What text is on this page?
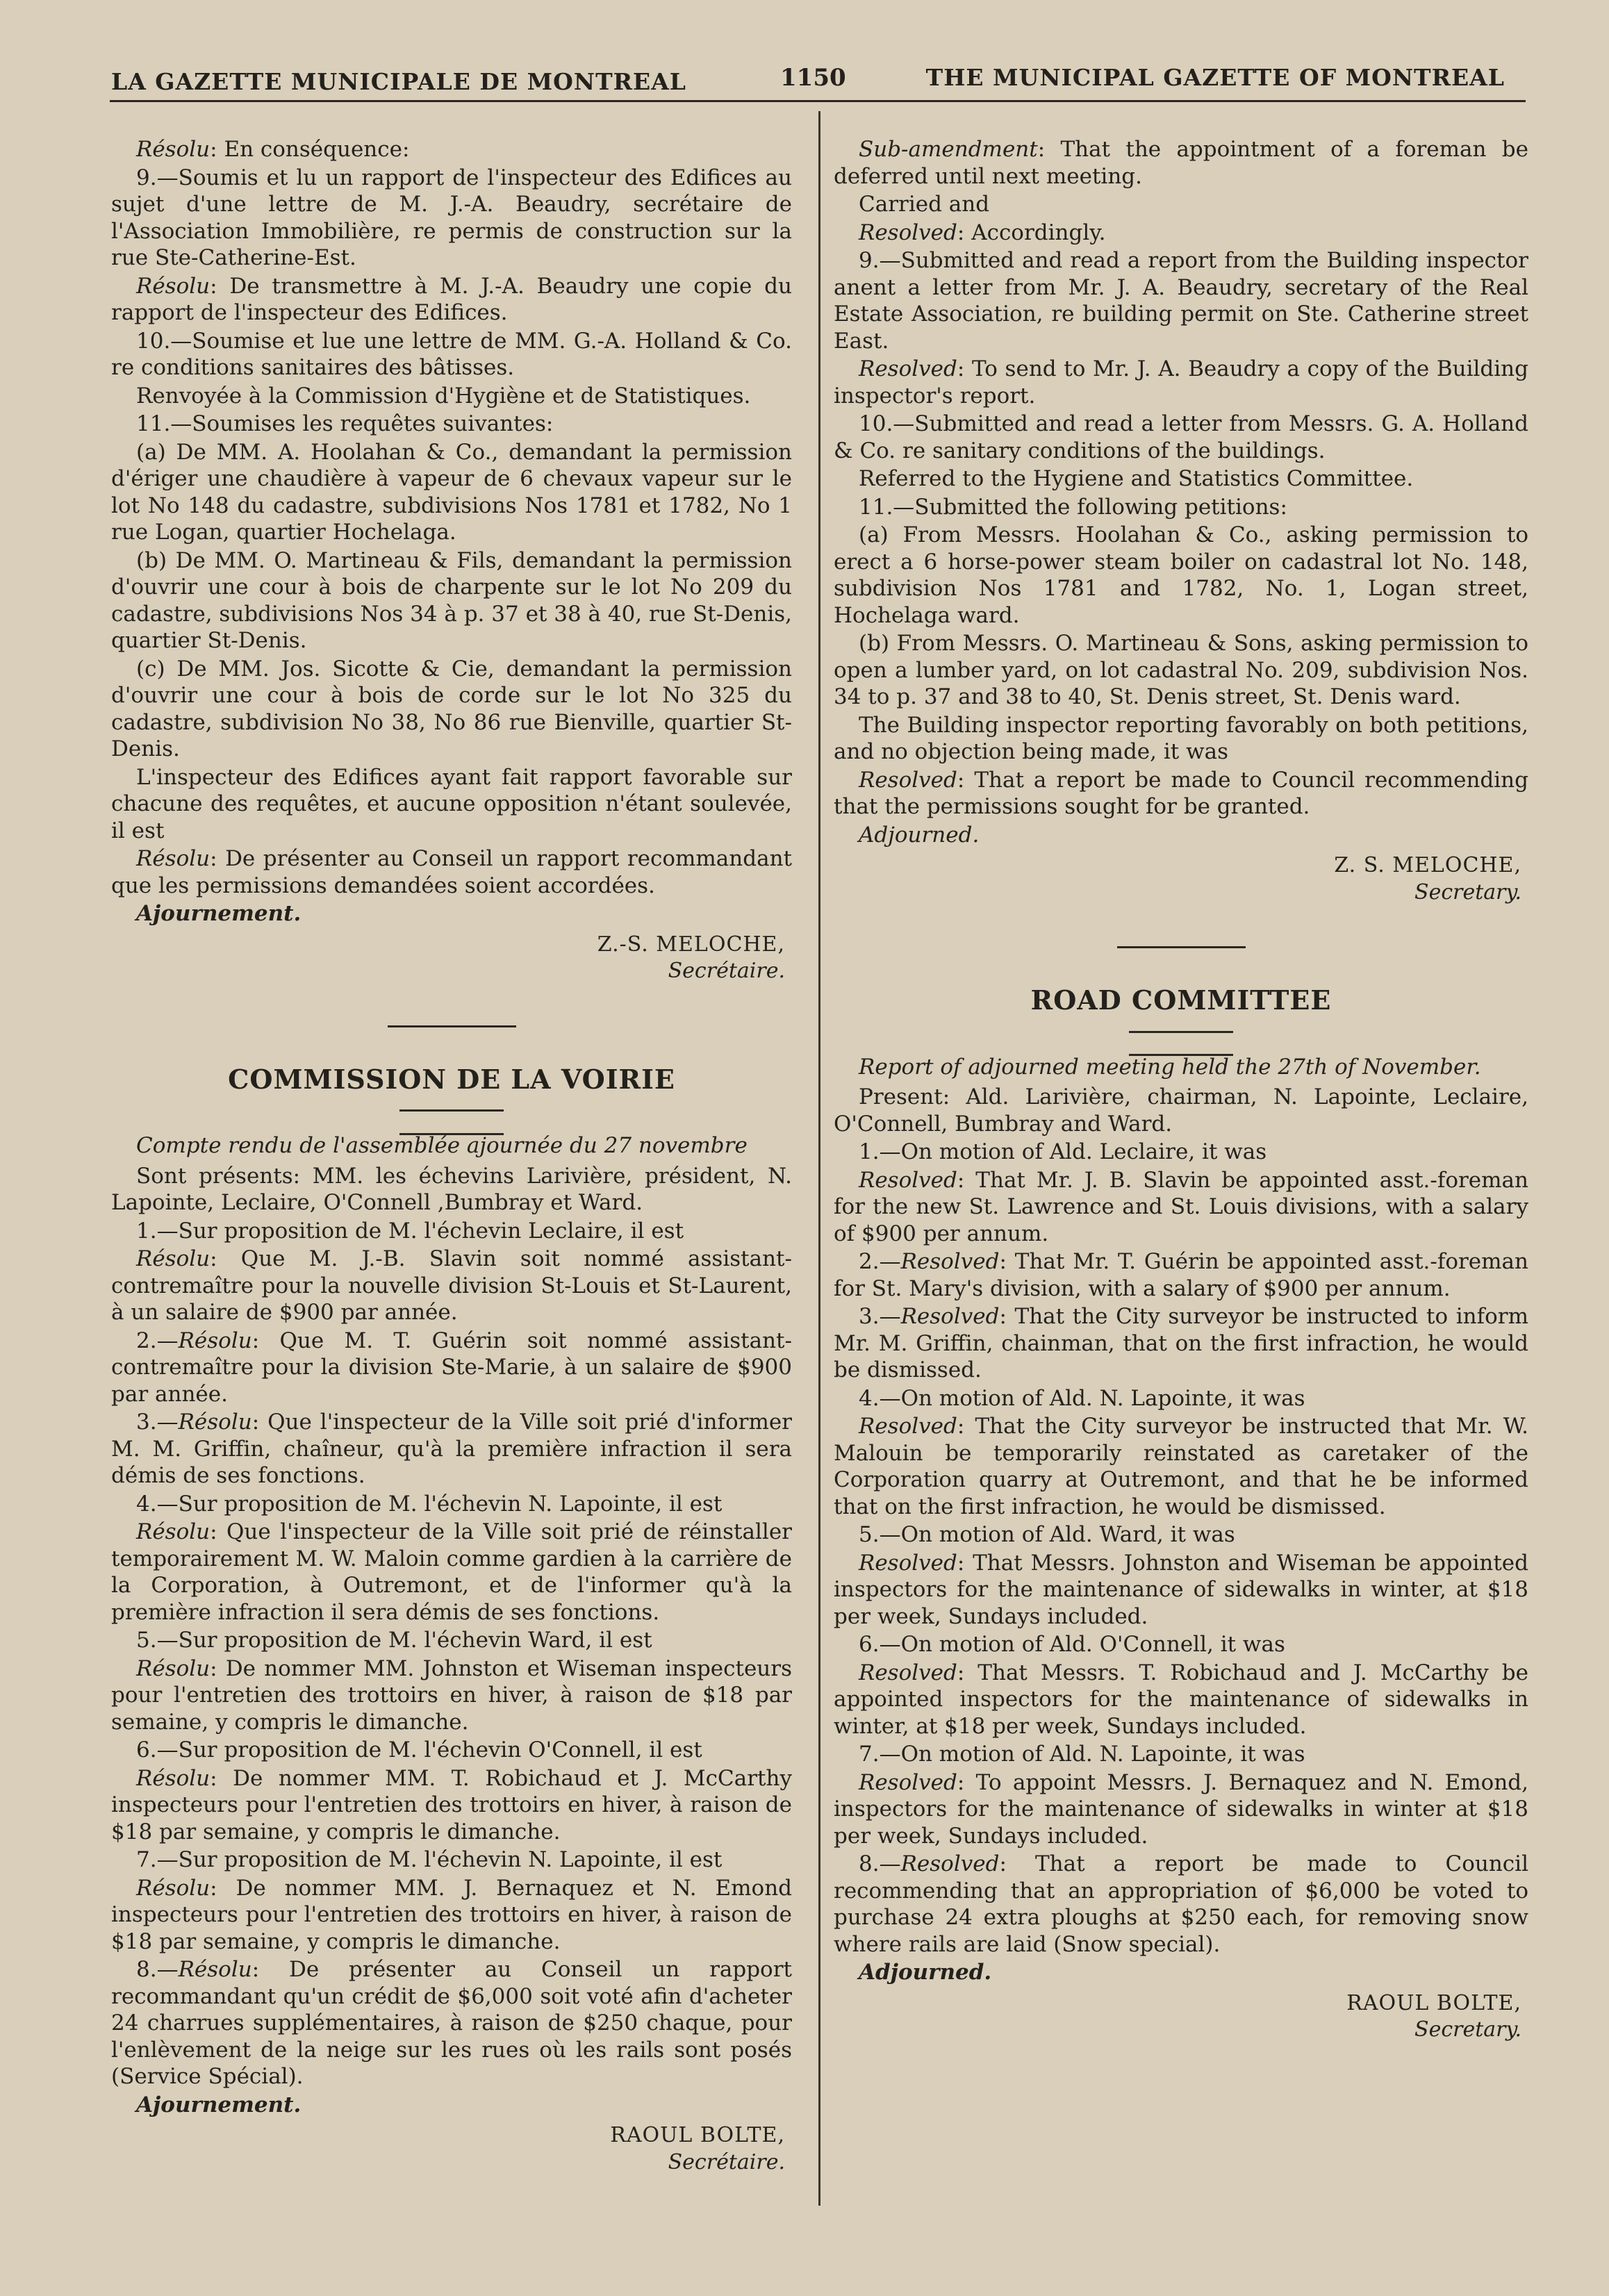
LA GAZETTE MUNICIPALE DE MONTREAL	1150	THE MUNICIPAL GAZETTE OF MONTREAL

Résolu: En conséquence:

9.—Soumis et lu un rapport de l'inspecteur des Edifices au sujet d'une lettre de M. J.-A. Beaudry, secrétaire de l'Association Immobilière, re permis de construction sur la rue Ste-Catherine-Est.

Résolu: De transmettre à M. J.-A. Beaudry une copie du rapport de l'inspecteur des Edifices.

10.—Soumise et lue une lettre de MM. G.-A. Holland & Co. re conditions sanitaires des bâtisses.

Renvoyée à la Commission d'Hygiène et de Statistiques.

11.—Soumises les requêtes suivantes:

(a) De MM. A. Hoolahan & Co., demandant la permission d'ériger une chaudière à vapeur de 6 chevaux vapeur sur le lot No 148 du cadastre, subdivisions Nos 1781 et 1782, No 1 rue Logan, quartier Hochelaga.

(b) De MM. O. Martineau & Fils, demandant la permission d'ouvrir une cour à bois de charpente sur le lot No 209 du cadastre, subdivisions Nos 34 à p. 37 et 38 à 40, rue St-Denis, quartier St-Denis.

(c) De MM. Jos. Sicotte & Cie, demandant la permission d'ouvrir une cour à bois de corde sur le lot No 325 du cadastre, subdivision No 38, No 86 rue Bienville, quartier St-Denis.

L'inspecteur des Edifices ayant fait rapport favorable sur chacune des requêtes, et aucune opposition n'étant soulevée, il est

Résolu: De présenter au Conseil un rapport recommandant que les permissions demandées soient accordées.

Ajournement.

Z.-S. MELOCHE,
Secrétaire.
COMMISSION DE LA VOIRIE

Compte rendu de l'assemblée ajournée du 27 novembre

Sont présents: MM. les échevins Larivière, président, N. Lapointe, Leclaire, O'Connell ,Bumbray et Ward.

1.—Sur proposition de M. l'échevin Leclaire, il est

Résolu: Que M. J.-B. Slavin soit nommé assistant-contremaître pour la nouvelle division St-Louis et St-Laurent, à un salaire de $900 par année.

2.—Résolu: Que M. T. Guérin soit nommé assistant-contremaître pour la division Ste-Marie, à un salaire de $900 par année.

3.—Résolu: Que l'inspecteur de la Ville soit prié d'informer M. M. Griffin, chaîneur, qu'à la première infraction il sera démis de ses fonctions.

4.—Sur proposition de M. l'échevin N. Lapointe, il est

Résolu: Que l'inspecteur de la Ville soit prié de réinstaller temporairement M. W. Maloin comme gardien à la carrière de la Corporation, à Outremont, et de l'informer qu'à la première infraction il sera démis de ses fonctions.

5.—Sur proposition de M. l'échevin Ward, il est

Résolu: De nommer MM. Johnston et Wiseman inspecteurs pour l'entretien des trottoirs en hiver, à raison de $18 par semaine, y compris le dimanche.

6.—Sur proposition de M. l'échevin O'Connell, il est

Résolu: De nommer MM. T. Robichaud et J. McCarthy inspecteurs pour l'entretien des trottoirs en hiver, à raison de $18 par semaine, y compris le dimanche.

7.—Sur proposition de M. l'échevin N. Lapointe, il est

Résolu: De nommer MM. J. Bernaquez et N. Emond inspecteurs pour l'entretien des trottoirs en hiver, à raison de $18 par semaine, y compris le dimanche.

8.—Résolu: De présenter au Conseil un rapport recommandant qu'un crédit de $6,000 soit voté afin d'acheter 24 charrues supplémentaires, à raison de $250 chaque, pour l'enlèvement de la neige sur les rues où les rails sont posés (Service Spécial).

Ajournement.

RAOUL BOLTE,
Secrétaire.

Sub-amendment: That the appointment of a foreman be deferred until next meeting.

Carried and

Resolved: Accordingly.

9.—Submitted and read a report from the Building inspector anent a letter from Mr. J. A. Beaudry, secretary of the Real Estate Association, re building permit on Ste. Catherine street East.

Resolved: To send to Mr. J. A. Beaudry a copy of the Building inspector's report.

10.—Submitted and read a letter from Messrs. G. A. Holland & Co. re sanitary conditions of the buildings.

Referred to the Hygiene and Statistics Committee.

11.—Submitted the following petitions:

(a) From Messrs. Hoolahan & Co., asking permission to erect a 6 horse-power steam boiler on cadastral lot No. 148, subdivision Nos 1781 and 1782, No. 1, Logan street, Hochelaga ward.

(b) From Messrs. O. Martineau & Sons, asking permission to open a lumber yard, on lot cadastral No. 209, subdivision Nos. 34 to p. 37 and 38 to 40, St. Denis street, St. Denis ward.

The Building inspector reporting favorably on both petitions, and no objection being made, it was

Resolved: That a report be made to Council recommending that the permissions sought for be granted.

Adjourned.

Z. S. MELOCHE,
Secretary.
ROAD COMMITTEE

Report of adjourned meeting held the 27th of November.

Present: Ald. Larivière, chairman, N. Lapointe, Leclaire, O'Connell, Bumbray and Ward.

1.—On motion of Ald. Leclaire, it was

Resolved: That Mr. J. B. Slavin be appointed asst.-foreman for the new St. Lawrence and St. Louis divisions, with a salary of $900 per annum.

2.—Resolved: That Mr. T. Guérin be appointed asst.-foreman for St. Mary's division, with a salary of $900 per annum.

3.—Resolved: That the City surveyor be instructed to inform Mr. M. Griffin, chainman, that on the first infraction, he would be dismissed.

4.—On motion of Ald. N. Lapointe, it was

Resolved: That the City surveyor be instructed that Mr. W. Malouin be temporarily reinstated as caretaker of the Corporation quarry at Outremont, and that he be informed that on the first infraction, he would be dismissed.

5.—On motion of Ald. Ward, it was

Resolved: That Messrs. Johnston and Wiseman be appointed inspectors for the maintenance of sidewalks in winter, at $18 per week, Sundays included.

6.—On motion of Ald. O'Connell, it was

Resolved: That Messrs. T. Robichaud and J. McCarthy be appointed inspectors for the maintenance of sidewalks in winter, at $18 per week, Sundays included.

7.—On motion of Ald. N. Lapointe, it was

Resolved: To appoint Messrs. J. Bernaquez and N. Emond, inspectors for the maintenance of sidewalks in winter at $18 per week, Sundays included.

8.—Resolved: That a report be made to Council recommending that an appropriation of $6,000 be voted to purchase 24 extra ploughs at $250 each, for removing snow where rails are laid (Snow special).

Adjourned.

RAOUL BOLTE,
Secretary.
